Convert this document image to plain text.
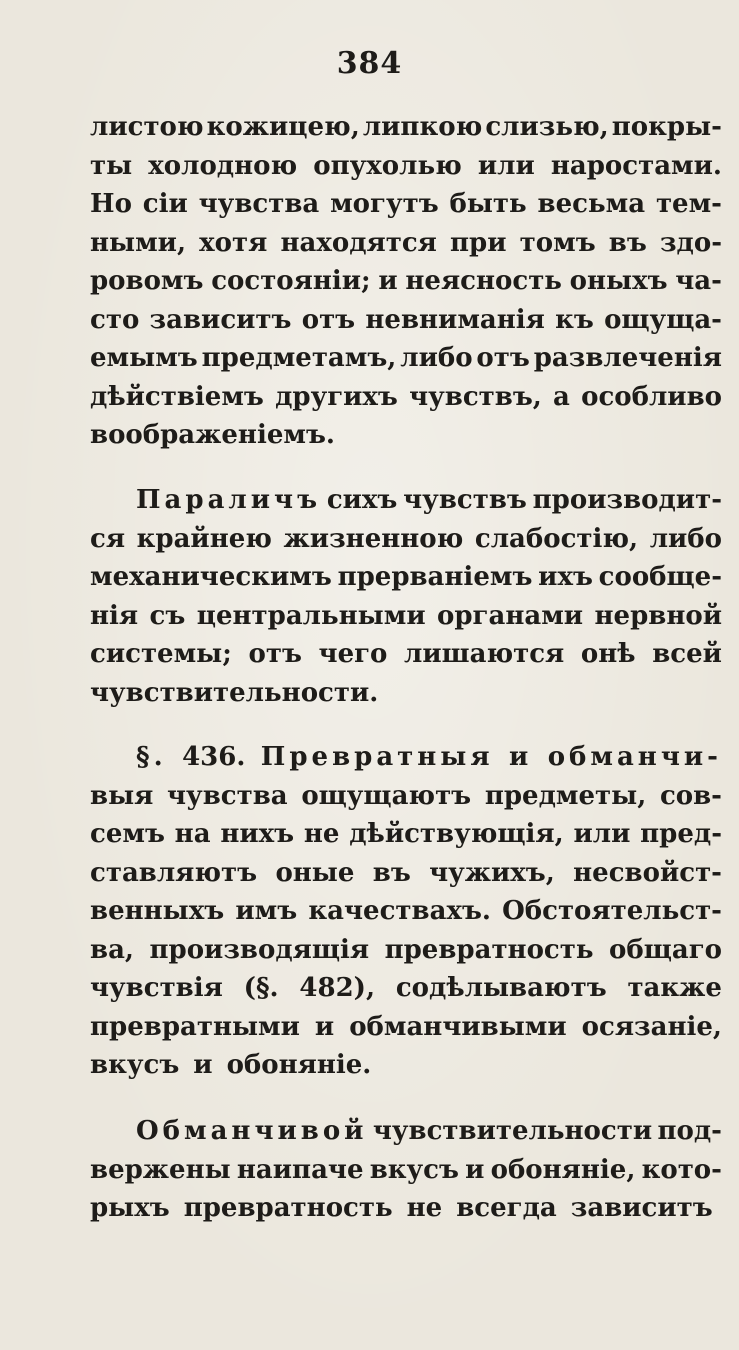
384
листою кожицею, липкою слизью, покры-
ты холодною опухолью или наростами.
Но сіи чувства могутъ быть весьма тем-
ными, хотя находятся при томъ въ здо-
ровомъ состояніи; и неясность оныхъ ча-
сто зависитъ отъ невниманія къ ощуща-
емымъ предметамъ, либо отъ развлеченія
дѣйствіемъ другихъ чувствъ, а особливо
воображеніемъ.
Параличъ сихъ чувствъ производит-
ся крайнею жизненною слабостію, либо
механическимъ прерваніемъ ихъ сообще-
нія съ центральными органами нервной
системы; отъ чего лишаются онѣ всей
чувствительности.
§. 436. Превратныя и обманчи-
выя чувства ощущаютъ предметы, сов-
семъ на нихъ не дѣйствующія, или пред-
ставляютъ оные въ чужихъ, несвойст-
венныхъ имъ качествахъ. Обстоятельст-
ва, производящія превратность общаго
чувствія (§. 482), содѣлываютъ также
превратными и обманчивыми осязаніе,
вкусъ и обоняніе.
Обманчивой чувствительности под-
вержены наипаче вкусъ и обоняніе, кото-
рыхъ превратность не всегда зависитъ
